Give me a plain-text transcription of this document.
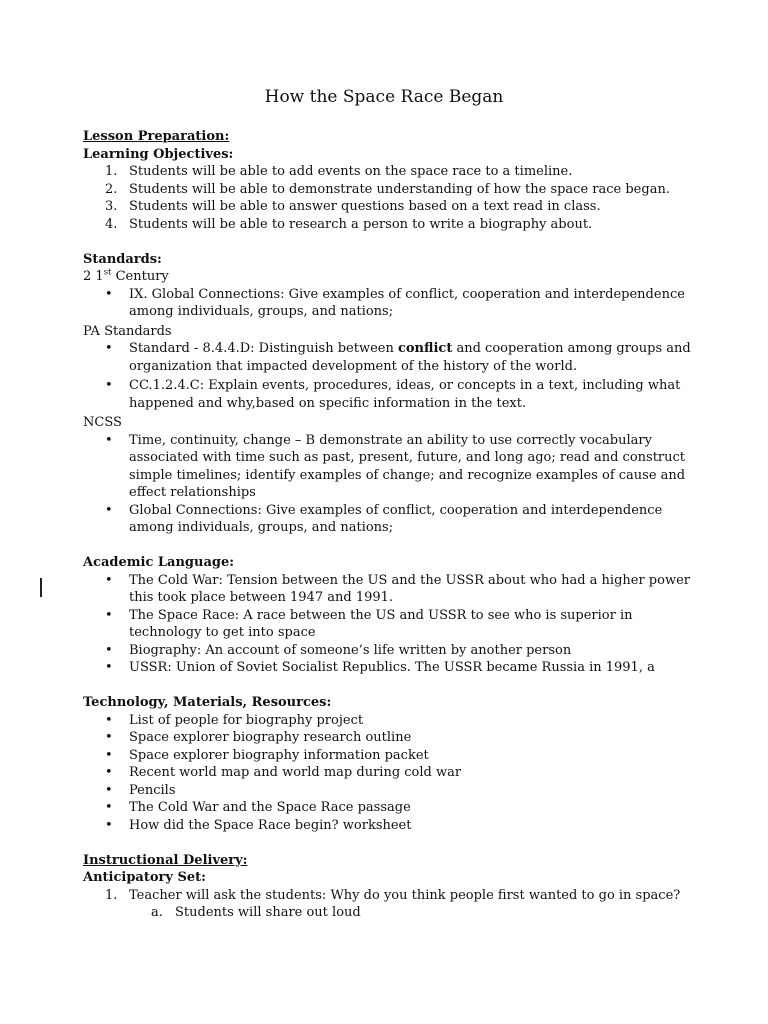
How the Space Race Began
Lesson Preparation:
Learning Objectives:
1. Students will be able to add events on the space race to a timeline.
2. Students will be able to demonstrate understanding of how the space race began.
3. Students will be able to answer questions based on a text read in class.
4. Students will be able to research a person to write a biography about.
Standards:
2 1st Century
• IX. Global Connections: Give examples of conflict, cooperation and interdependence among individuals, groups, and nations;
PA Standards
• Standard - 8.4.4.D: Distinguish between conflict and cooperation among groups and organization that impacted development of the history of the world.
• CC.1.2.4.C: Explain events, procedures, ideas, or concepts in a text, including what happened and why,based on specific information in the text.
NCSS
• Time, continuity, change – B demonstrate an ability to use correctly vocabulary associated with time such as past, present, future, and long ago; read and construct simple timelines; identify examples of change; and recognize examples of cause and effect relationships
• Global Connections: Give examples of conflict, cooperation and interdependence among individuals, groups, and nations;
Academic Language:
• The Cold War: Tension between the US and the USSR about who had a higher power this took place between 1947 and 1991.
• The Space Race: A race between the US and USSR to see who is superior in technology to get into space
• Biography: An account of someone’s life written by another person
• USSR: Union of Soviet Socialist Republics. The USSR became Russia in 1991, a
Technology, Materials, Resources:
• List of people for biography project
• Space explorer biography research outline
• Space explorer biography information packet
• Recent world map and world map during cold war
• Pencils
• The Cold War and the Space Race passage
• How did the Space Race begin? worksheet
Instructional Delivery:
Anticipatory Set:
1. Teacher will ask the students: Why do you think people first wanted to go in space?
a. Students will share out loud
